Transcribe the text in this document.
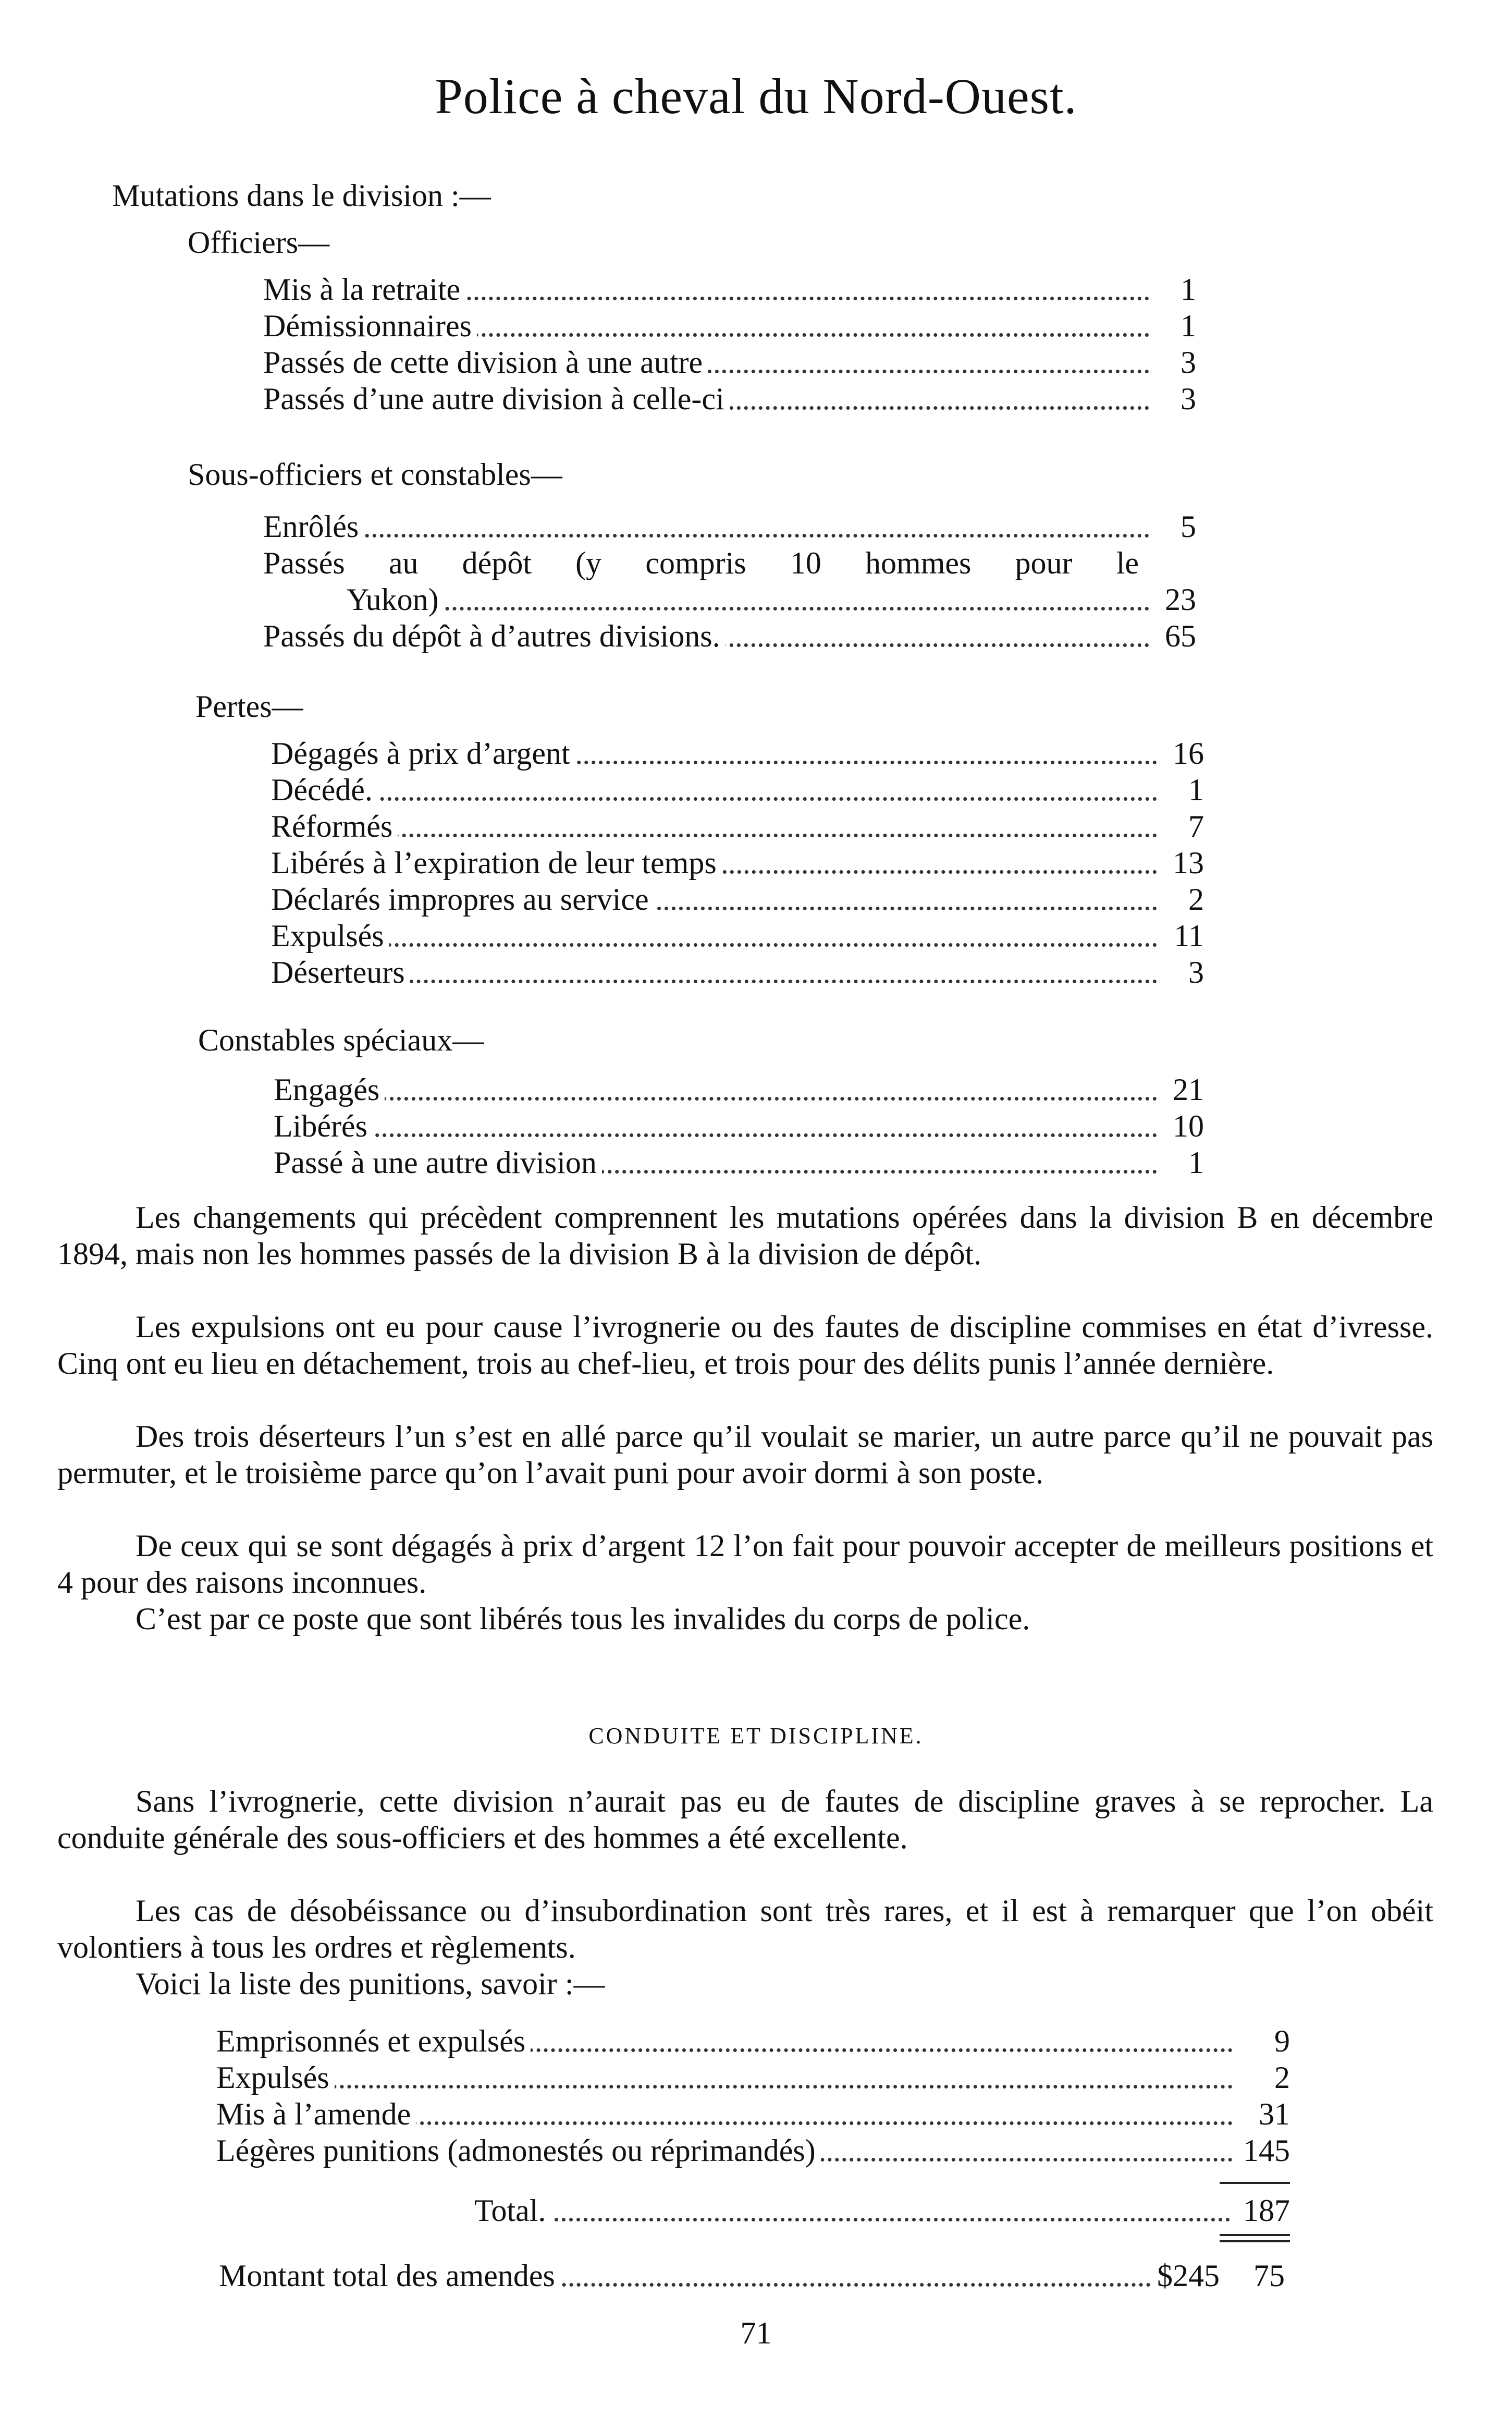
Police à cheval du Nord-Ouest.
Mutations dans le division :—
Officiers—
Mis à la retraite	1
Démissionnaires	1
Passés de cette division à une autre	3
Passés d’une autre division à celle-ci	3
Sous-officiers et constables—
Enrôlés	5
Passés au dépôt (y compris 10 hommes pour le
Yukon)	23
Passés du dépôt à d’autres divisions.	65
Pertes—
Dégagés à prix d’argent	16
Décédé.	1
Réformés	7
Libérés à l’expiration de leur temps	13
Déclarés impropres au service	2
Expulsés	11
Déserteurs	3
Constables spéciaux—
Engagés	21
Libérés	10
Passé à une autre division	1

Les changements qui précèdent comprennent les mutations opérées dans la division B en décembre 1894, mais non les hommes passés de la division B à la division de dépôt.

Les expulsions ont eu pour cause l’ivrognerie ou des fautes de discipline commises en état d’ivresse. Cinq ont eu lieu en détachement, trois au chef-lieu, et trois pour des délits punis l’année dernière.

Des trois déserteurs l’un s’est en allé parce qu’il voulait se marier, un autre parce qu’il ne pouvait pas permuter, et le troisième parce qu’on l’avait puni pour avoir dormi à son poste.

De ceux qui se sont dégagés à prix d’argent 12 l’on fait pour pouvoir accepter de meilleurs positions et 4 pour des raisons inconnues.

C’est par ce poste que sont libérés tous les invalides du corps de police.

CONDUITE ET DISCIPLINE.

Sans l’ivrognerie, cette division n’aurait pas eu de fautes de discipline graves à se reprocher. La conduite générale des sous-officiers et des hommes a été excellente.

Les cas de désobéissance ou d’insubordination sont très rares, et il est à remarquer que l’on obéit volontiers à tous les ordres et règlements.

Voici la liste des punitions, savoir :—

Emprisonnés et expulsés	9
Expulsés	2
Mis à l’amende	31
Légères punitions (admonestés ou réprimandés)	145
Total.	187
Montant total des amendes	$245 75
71
